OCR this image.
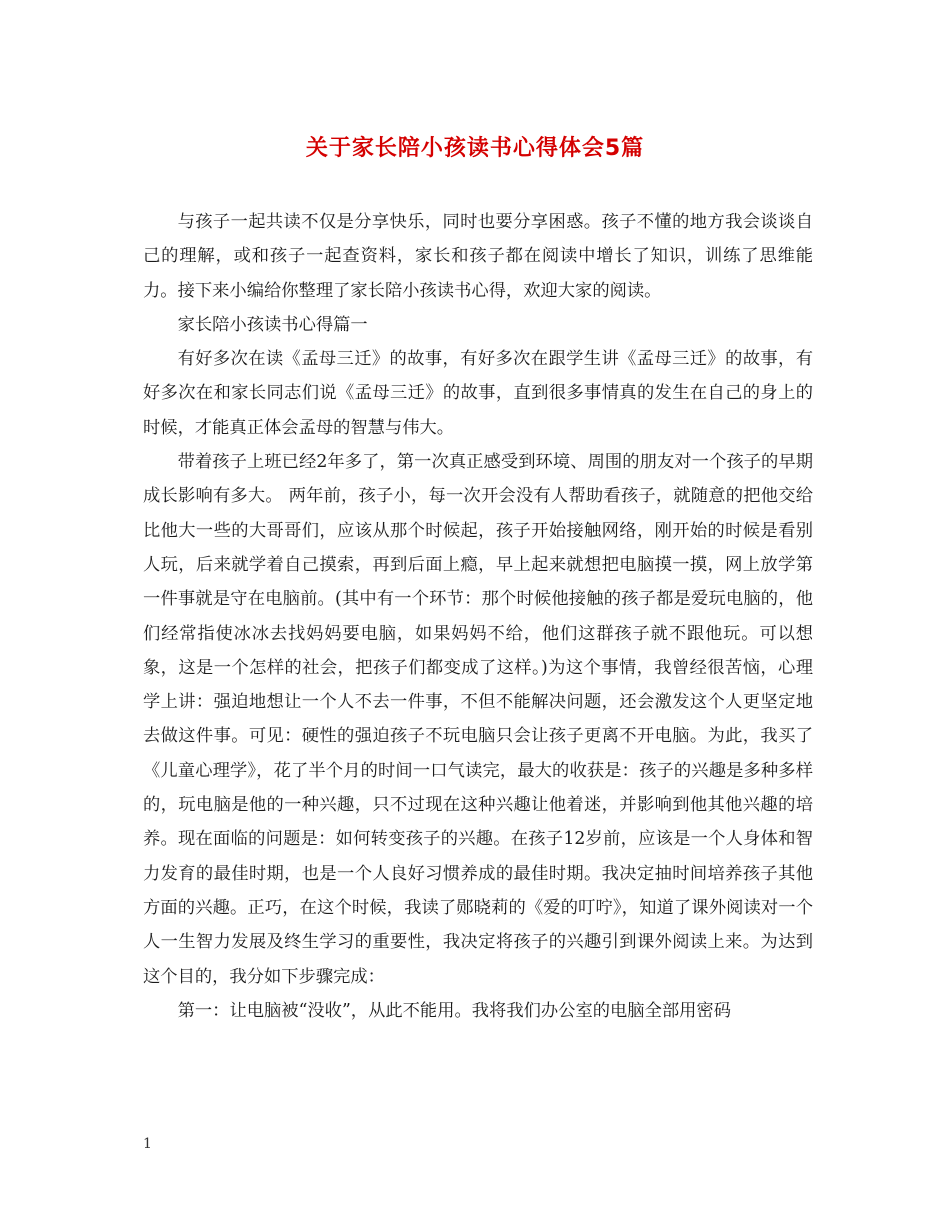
关于家长陪小孩读书心得体会5篇

与孩子一起共读不仅是分享快乐，同时也要分享困惑。孩子不懂的地方我会谈谈自己的理解，或和孩子一起查资料，家长和孩子都在阅读中增长了知识，训练了思维能力。接下来小编给你整理了家长陪小孩读书心得，欢迎大家的阅读。

家长陪小孩读书心得篇一

有好多次在读《孟母三迁》的故事，有好多次在跟学生讲《孟母三迁》的故事，有好多次在和家长同志们说《孟母三迁》的故事，直到很多事情真的发生在自己的身上的时候，才能真正体会孟母的智慧与伟大。

带着孩子上班已经2年多了，第一次真正感受到环境、周围的朋友对一个孩子的早期成长影响有多大。 两年前，孩子小，每一次开会没有人帮助看孩子，就随意的把他交给比他大一些的大哥哥们，应该从那个时候起，孩子开始接触网络，刚开始的时候是看别人玩，后来就学着自己摸索，再到后面上瘾，早上起来就想把电脑摸一摸，网上放学第一件事就是守在电脑前。(其中有一个环节：那个时候他接触的孩子都是爱玩电脑的，他们经常指使冰冰去找妈妈要电脑，如果妈妈不给，他们这群孩子就不跟他玩。可以想象，这是一个怎样的社会，把孩子们都变成了这样。)为这个事情，我曾经很苦恼，心理学上讲：强迫地想让一个人不去一件事，不但不能解决问题，还会激发这个人更坚定地去做这件事。可见：硬性的强迫孩子不玩电脑只会让孩子更离不开电脑。为此，我买了《儿童心理学》，花了半个月的时间一口气读完，最大的收获是：孩子的兴趣是多种多样的，玩电脑是他的一种兴趣，只不过现在这种兴趣让他着迷，并影响到他其他兴趣的培养。现在面临的问题是：如何转变孩子的兴趣。在孩子12岁前，应该是一个人身体和智力发育的最佳时期，也是一个人良好习惯养成的最佳时期。我决定抽时间培养孩子其他方面的兴趣。正巧，在这个时候，我读了郧晓莉的《爱的叮咛》，知道了课外阅读对一个人一生智力发展及终生学习的重要性，我决定将孩子的兴趣引到课外阅读上来。为达到这个目的，我分如下步骤完成：

第一：让电脑被“没收”，从此不能用。我将我们办公室的电脑全部用密码

1
